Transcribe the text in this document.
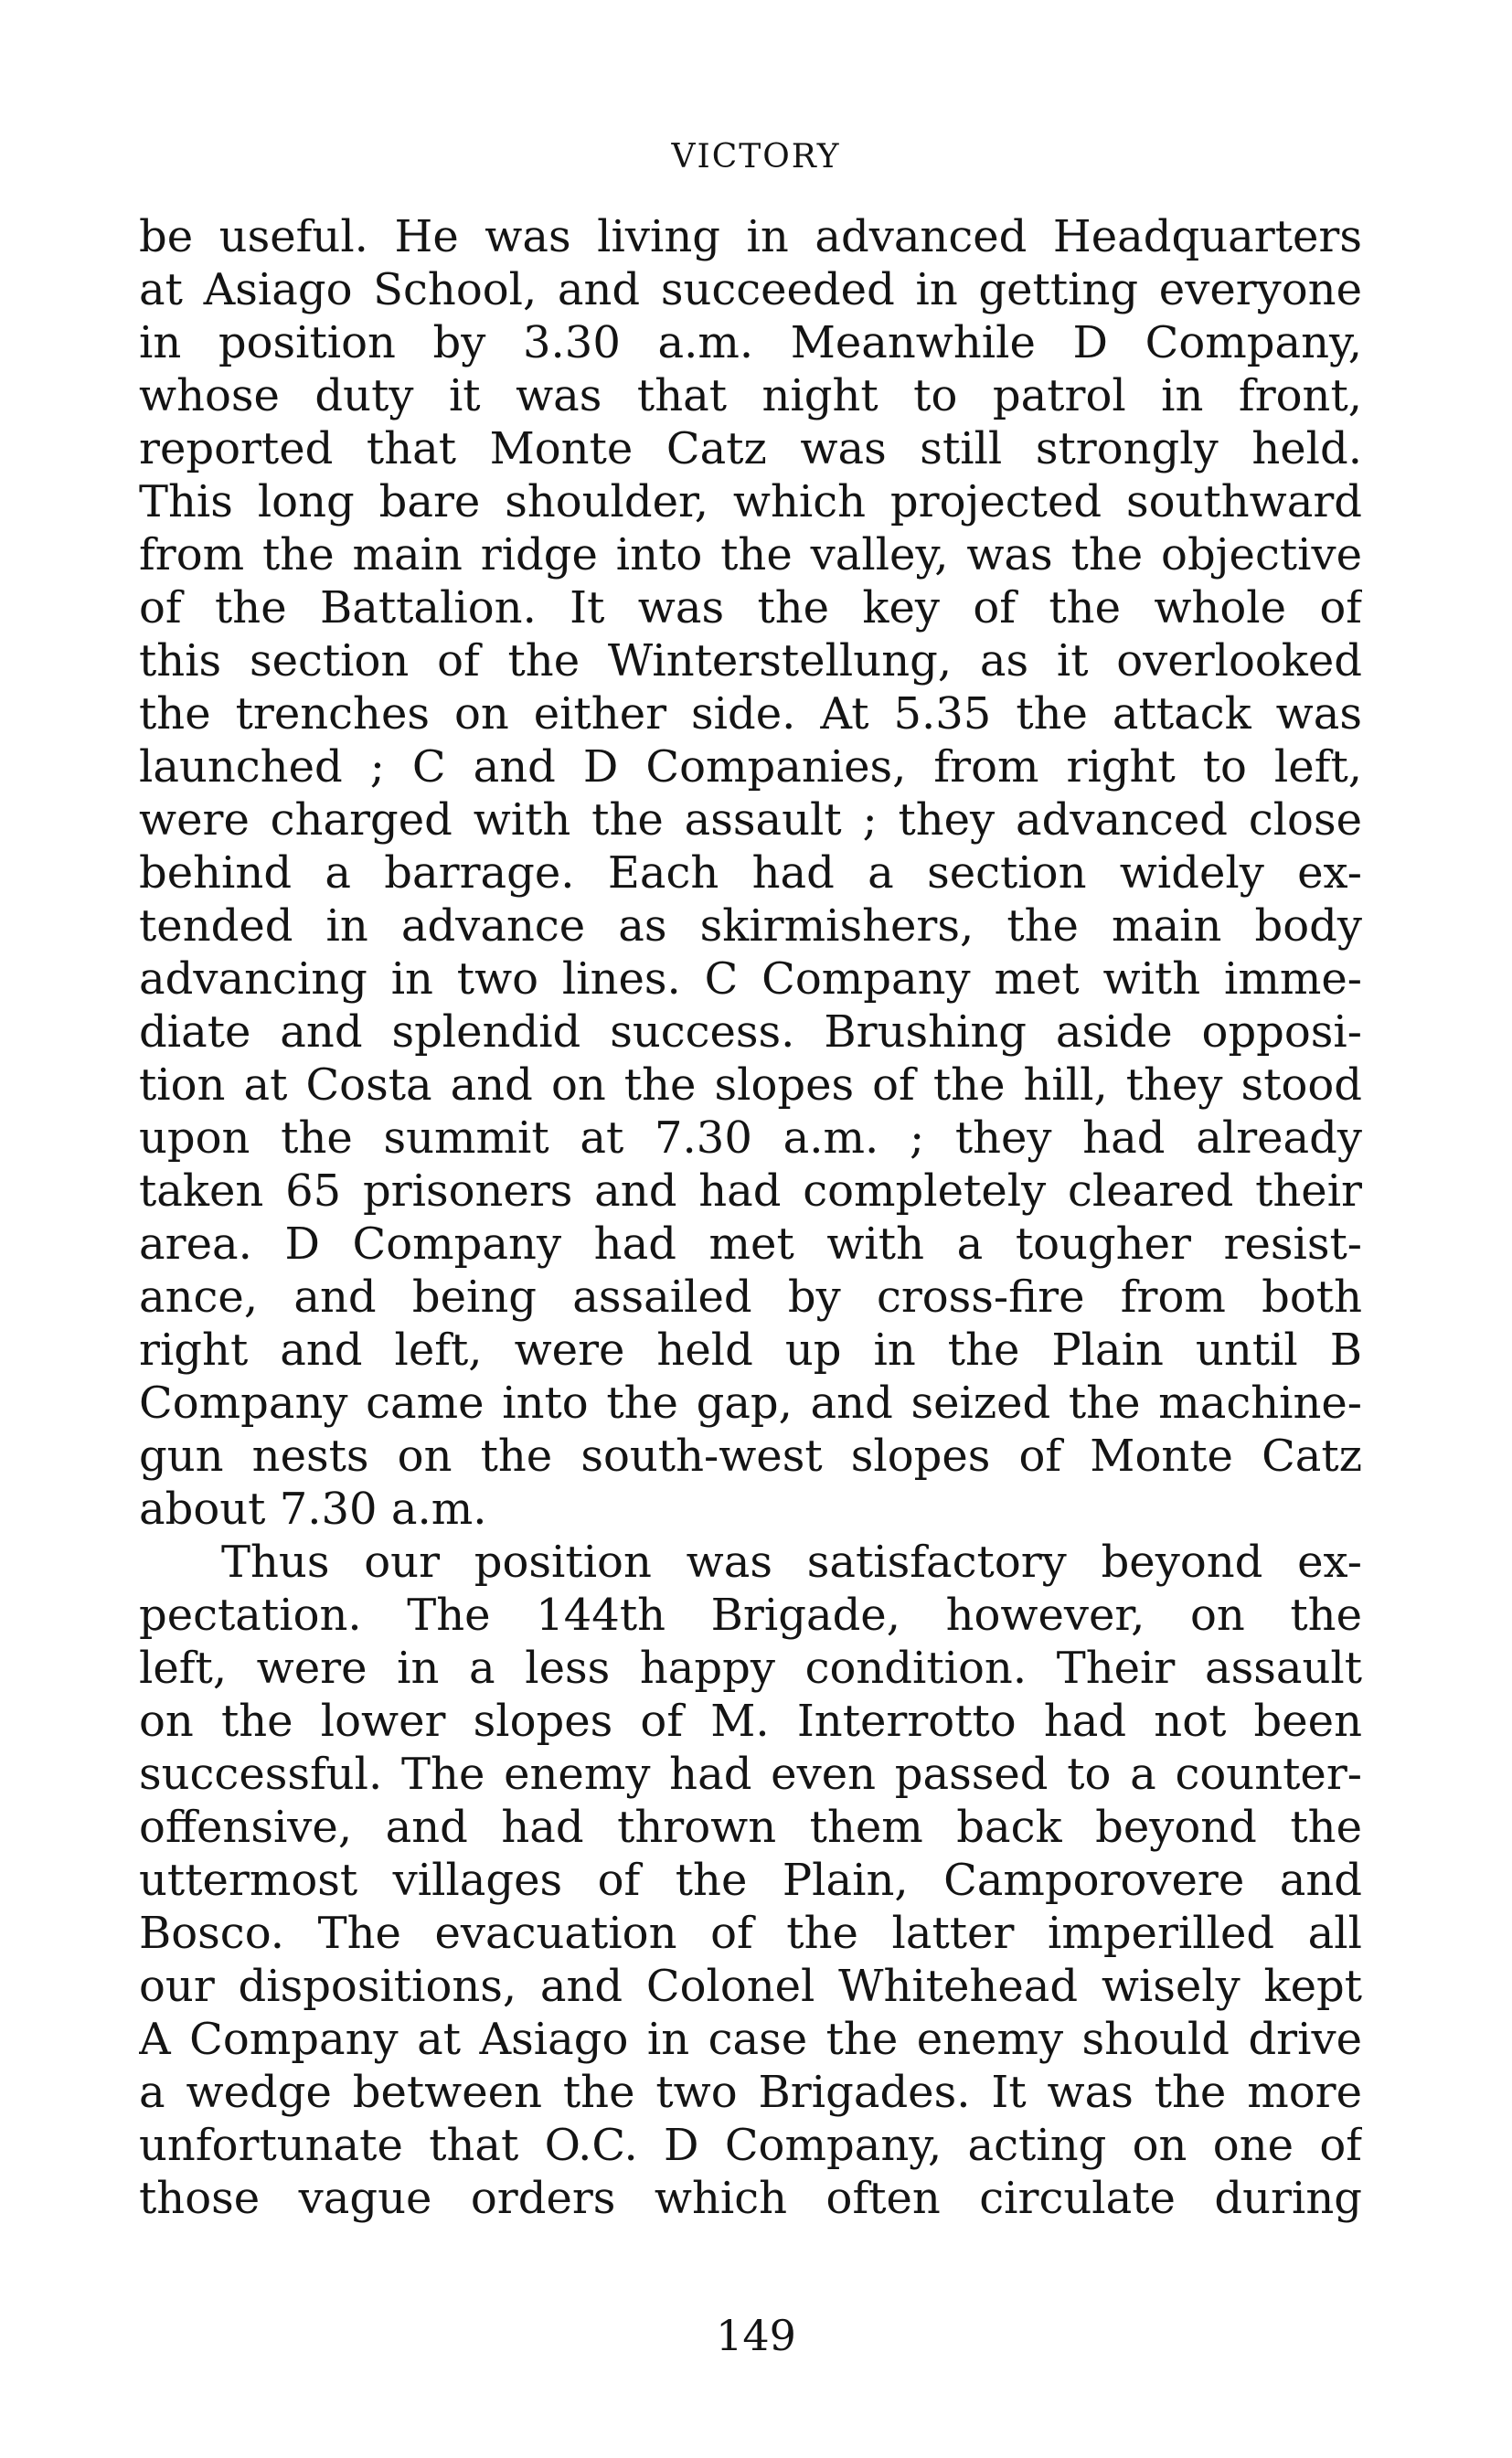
VICTORY
be useful. He was living in advanced Headquarters
at Asiago School, and succeeded in getting everyone
in position by 3.30 a.m. Meanwhile D Company,
whose duty it was that night to patrol in front,
reported that Monte Catz was still strongly held.
This long bare shoulder, which projected southward
from the main ridge into the valley, was the objective
of the Battalion. It was the key of the whole of
this section of the Winterstellung, as it overlooked
the trenches on either side. At 5.35 the attack was
launched ; C and D Companies, from right to left,
were charged with the assault ; they advanced close
behind a barrage. Each had a section widely ex-
tended in advance as skirmishers, the main body
advancing in two lines. C Company met with imme-
diate and splendid success. Brushing aside opposi-
tion at Costa and on the slopes of the hill, they stood
upon the summit at 7.30 a.m. ; they had already
taken 65 prisoners and had completely cleared their
area. D Company had met with a tougher resist-
ance, and being assailed by cross-fire from both
right and left, were held up in the Plain until B
Company came into the gap, and seized the machine-
gun nests on the south-west slopes of Monte Catz
about 7.30 a.m.
Thus our position was satisfactory beyond ex-
pectation. The 144th Brigade, however, on the
left, were in a less happy condition. Their assault
on the lower slopes of M. Interrotto had not been
successful. The enemy had even passed to a counter-
offensive, and had thrown them back beyond the
uttermost villages of the Plain, Camporovere and
Bosco. The evacuation of the latter imperilled all
our dispositions, and Colonel Whitehead wisely kept
A Company at Asiago in case the enemy should drive
a wedge between the two Brigades. It was the more
unfortunate that O.C. D Company, acting on one of
those vague orders which often circulate during
149
